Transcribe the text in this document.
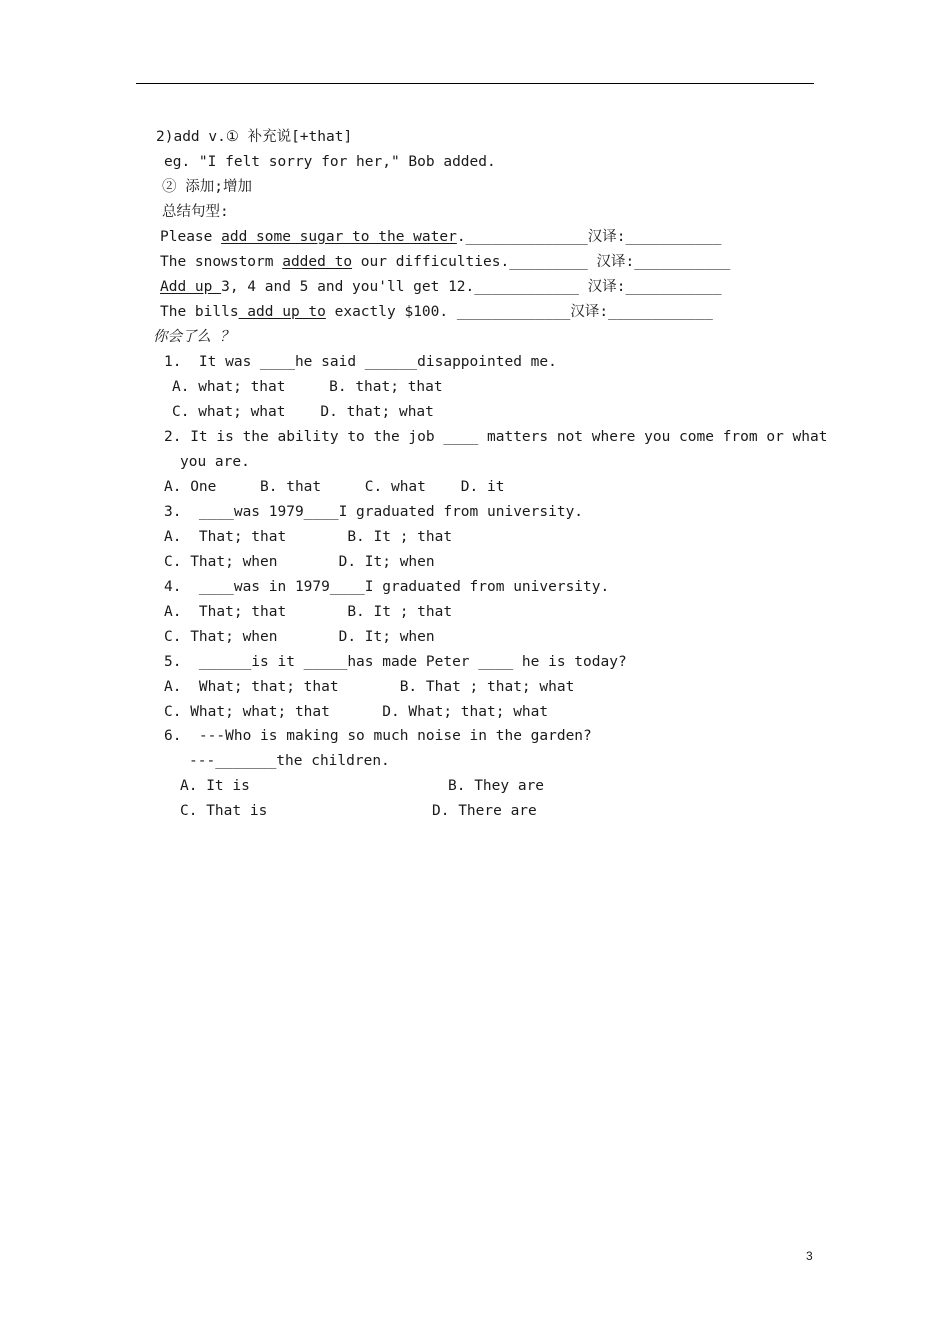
2)add v.① 补充说[+that]
eg. "I felt sorry for her," Bob added.
② 添加;增加
总结句型:
Please add some sugar to the water.______________汉译:___________
The snowstorm added to our difficulties._________ 汉译:___________
Add up 3, 4 and 5 and you'll get 12.____________ 汉译:___________
The bills add up to exactly $100. _____________汉译:____________
你会了么 ？
1.  It was ____he said ______disappointed me.
A. what; that     B. that; that
C. what; what    D. that; what
2. It is the ability to the job ____ matters not where you come from or what
you are.
A. One     B. that     C. what    D. it
3.  ____was 1979____I graduated from university.
A.  That; that       B. It ; that
C. That; when       D. It; when
4.  ____was in 1979____I graduated from university.
A.  That; that       B. It ; that
C. That; when       D. It; when
5.  ______is it _____has made Peter ____ he is today?
A.  What; that; that       B. That ; that; what
C. What; what; that      D. What; that; what
6.  ---Who is making so much noise in the garden?
---_______the children.
A. It is	B. They are
C. That is	D. There are
3
